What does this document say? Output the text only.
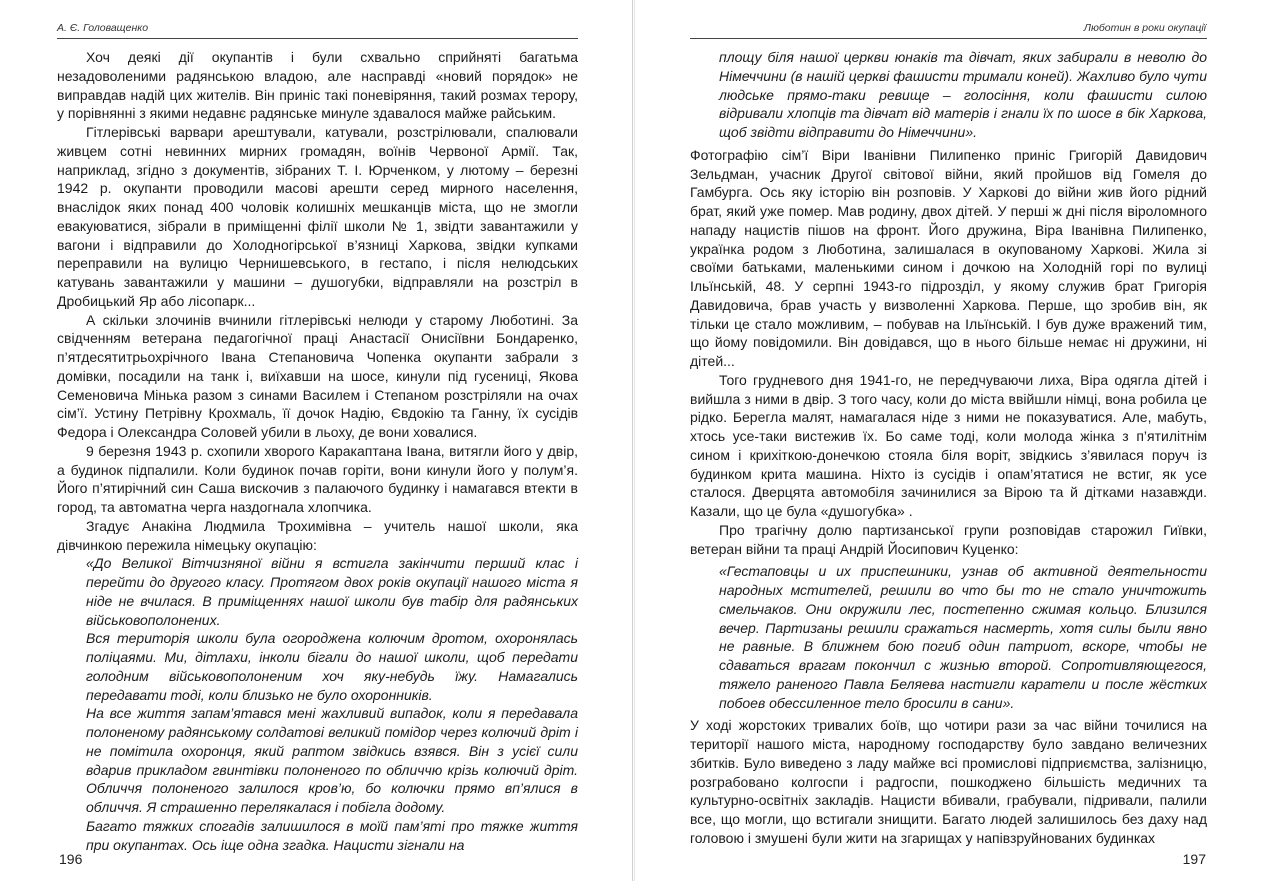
А. Є. Головащенко

Хоч деякі дії окупантів і були схвально сприйняті багатьма незадоволеними радянською владою, але насправді «новий порядок» не виправдав надій цих жителів. Він приніс такі поневіряння, такий розмах терору, у порівнянні з якими недавнє радянське минуле здавалося майже райським.

Гітлерівські варвари арештували, катували, розстрілювали, спалювали живцем сотні невинних мирних громадян, воїнів Червоної Армії. Так, наприклад, згідно з документів, зібраних Т. І. Юрченком, у лютому – березні 1942 р. окупанти проводили масові арешти серед мирного населення, внаслідок яких понад 400 чоловік колишніх мешканців міста, що не змогли евакуюватися, зібрали в приміщенні філії школи № 1, звідти завантажили у вагони і відправили до Холодногірської в’язниці Харкова, звідки купками переправили на вулицю Чернишевського, в гестапо, і після нелюдських катувань завантажили у машини – душогубки, відправляли на розстріл в Дробицький Яр або лісопарк...

А скільки злочинів вчинили гітлерівські нелюди у старому Люботині. За свідченням ветерана педагогічної праці Анастасії Онисіївни Бондаренко, п’ятдесятитрьохрічного Івана Степановича Чопенка окупанти забрали з домівки, посадили на танк і, виїхавши на шосе, кинули під гусениці, Якова Семеновича Мінька разом з синами Василем і Степаном розстріляли на очах сім’ї. Устину Петрівну Крохмаль, її дочок Надію, Євдокію та Ганну, їх сусідів Федора і Олександра Соловей убили в льоху, де вони ховалися.

9 березня 1943 р. схопили хворого Каракаптана Івана, витягли його у двір, а будинок підпалили. Коли будинок почав горіти, вони кинули його у полум’я. Його п’ятирічний син Саша вискочив з палаючого будинку і намагався втекти в город, та автоматна черга наздогнала хлопчика.

Згадує Анакіна Людмила Трохимівна – учитель нашої школи, яка дівчинкою пережила німецьку окупацію:

«До Великої Вітчизняної війни я встигла закінчити перший клас і перейти до другого класу. Протягом двох років окупації нашого міста я ніде не вчилася. В приміщеннях нашої школи був табір для радянських військовополонених.

Вся територія школи була огороджена колючим дротом, охоронялась поліцаями. Ми, дітлахи, інколи бігали до нашої школи, щоб передати голодним військовополоненим хоч яку-небудь їжу. Намагались передавати тоді, коли близько не було охоронників.

На все життя запам’ятався мені жахливий випадок, коли я передавала полоненому радянському солдатові великий помідор через колючий дріт і не помітила охоронця, який раптом звідкись взявся. Він з усієї сили вдарив прикладом гвинтівки полоненого по обличчю крізь колючий дріт. Обличчя полоненого залилося кров’ю, бо колючки прямо вп’ялися в обличчя. Я страшенно перелякалася і побігла додому.

Багато тяжких спогадів залишилося в моїй пам’яті про тяжке життя при окупантах. Ось іще одна згадка. Нацисти зігнали на

196
Люботин в роки окупації

площу біля нашої церкви юнаків та дівчат, яких забирали в неволю до Німеччини (в нашій церкві фашисти тримали коней). Жахливо було чути людське прямо-таки ревище – голосіння, коли фашисти силою відривали хлопців та дівчат від матерів і гнали їх по шосе в бік Харкова, щоб звідти відправити до Німеччини».

Фотографію сім’ї Віри Іванівни Пилипенко приніс Григорій Давидович Зельдман, учасник Другої світової війни, який пройшов від Гомеля до Гамбурга. Ось яку історію він розповів. У Харкові до війни жив його рідний брат, який уже помер. Мав родину, двох дітей. У перші ж дні після віроломного нападу нацистів пішов на фронт. Його дружина, Віра Іванівна Пилипенко, українка родом з Люботина, залишалася в окупованому Харкові. Жила зі своїми батьками, маленькими сином і дочкою на Холодній горі по вулиці Ільїнській, 48. У серпні 1943-го підрозділ, у якому служив брат Григорія Давидовича, брав участь у визволенні Харкова. Перше, що зробив він, як тільки це стало можливим, – побував на Ільїнській. І був дуже вражений тим, що йому повідомили. Він довідався, що в нього більше немає ні дружини, ні дітей...

Того грудневого дня 1941-го, не передчуваючи лиха, Віра одягла дітей і вийшла з ними в двір. З того часу, коли до міста ввійшли німці, вона робила це рідко. Берегла малят, намагалася ніде з ними не показуватися. Але, мабуть, хтось усе-таки вистежив їх. Бо саме тоді, коли молода жінка з п’ятилітнім сином і крихіткою-донечкою стояла біля воріт, звідкись з’явилася поруч із будинком крита машина. Ніхто із сусідів і опам’ятатися не встиг, як усе сталося. Дверцята автомобіля зачинилися за Вірою та й дітками назавжди. Казали, що це була «душогубка» .

Про трагічну долю партизанської групи розповідав старожил Гиївки, ветеран війни та праці Андрій Йосипович Куценко:

«Гестаповцы и их приспешники, узнав об активной деятельности народных мстителей, решили во что бы то не стало уничтожить смельчаков. Они окружили лес, постепенно сжимая кольцо. Близился вечер. Партизаны решили сражаться насмерть, хотя силы были явно не равные. В ближнем бою погиб один патриот, вскоре, чтобы не сдаваться врагам покончил с жизнью второй. Сопротивляющегося, тяжело раненого Павла Беляева настигли каратели и после жёстких побоев обессиленное тело бросили в сани».

У ході жорстоких тривалих боїв, що чотири рази за час війни точилися на території нашого міста, народному господарству було завдано величезних збитків. Було виведено з ладу майже всі промислові підприємства, залізницю, розграбовано колгоспи і радгоспи, пошкоджено більшість медичних та культурно-освітніх закладів. Нацисти вбивали, грабували, підривали, палили все, що могли, що встигали знищити. Багато людей залишилось без даху над головою і змушені були жити на згарищах у напівзруйнованих будинках

197
